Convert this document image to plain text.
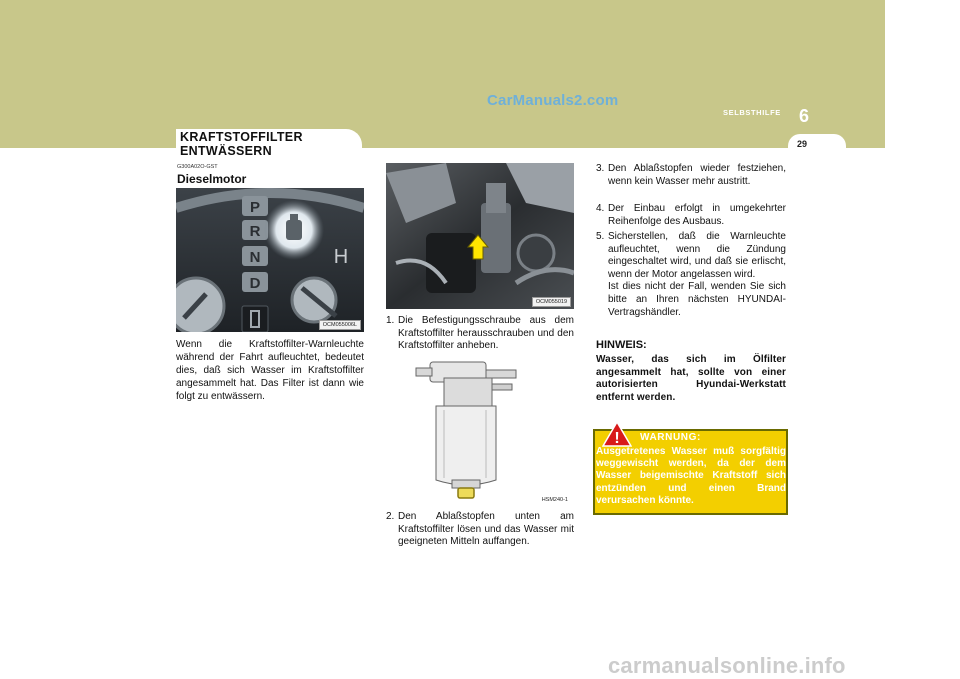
CarManuals2.com
SELBSTHILFE 6
29
KRAFTSTOFFILTER
ENTWÄSSERN
G300A02O-GST
Dieselmotor
P
R
N
D
H
OCM055006L
Wenn die Kraftstoffilter-Warnleuchte während der Fahrt aufleuchtet, bedeutet dies, daß sich Wasser im Kraftstoffilter angesammelt hat. Das Filter ist dann wie folgt zu entwässern.
OCM055019
1. Die Befestigungsschraube aus dem Kraftstoffilter herausschrauben und den Kraftstoffilter anheben.
HSM240-1
2. Den Ablaßstopfen unten am Kraftstoffilter lösen und das Wasser mit geeigneten Mitteln auffangen.
3. Den Ablaßstopfen wieder festziehen, wenn kein Wasser mehr austritt.
4. Der Einbau erfolgt in umgekehrter Reihenfolge des Ausbaus.
5. Sicherstellen, daß die Warnleuchte aufleuchtet, wenn die Zündung eingeschaltet wird, und daß sie erlischt, wenn der Motor angelassen wird.
Ist dies nicht der Fall, wenden Sie sich bitte an Ihren nächsten HYUNDAI-Vertragshändler.
HINWEIS:
Wasser, das sich im Ölfilter angesammelt hat, sollte von einer autorisierten Hyundai-Werkstatt entfernt werden.
! WARNUNG:
Ausgetretenes Wasser muß sorgfältig weggewischt werden, da der dem Wasser beigemischte Kraftstoff sich entzünden und einen Brand verursachen könnte.
carmanualsonline.info
